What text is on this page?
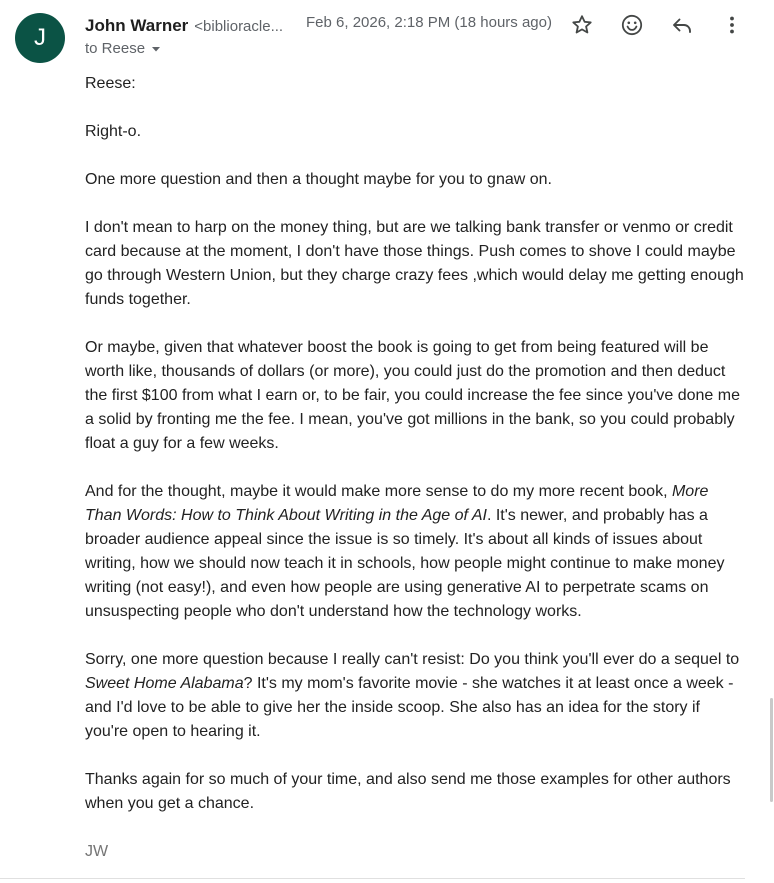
J	John Warner <biblioracle... Feb 6, 2026, 2:18 PM (18 hours ago)
to Reese

Reese:

Right-o.

One more question and then a thought maybe for you to gnaw on.

I don't mean to harp on the money thing, but are we talking bank transfer or venmo or credit card because at the moment, I don't have those things. Push comes to shove I could maybe go through Western Union, but they charge crazy fees ,which would delay me getting enough funds together.

Or maybe, given that whatever boost the book is going to get from being featured will be worth like, thousands of dollars (or more), you could just do the promotion and then deduct the first $100 from what I earn or, to be fair, you could increase the fee since you've done me a solid by fronting me the fee. I mean, you've got millions in the bank, so you could probably float a guy for a few weeks.

And for the thought, maybe it would make more sense to do my more recent book, More Than Words: How to Think About Writing in the Age of AI. It's newer, and probably has a broader audience appeal since the issue is so timely. It's about all kinds of issues about writing, how we should now teach it in schools, how people might continue to make money writing (not easy!), and even how people are using generative AI to perpetrate scams on unsuspecting people who don't understand how the technology works.

Sorry, one more question because I really can't resist: Do you think you'll ever do a sequel to Sweet Home Alabama? It's my mom's favorite movie - she watches it at least once a week - and I'd love to be able to give her the inside scoop. She also has an idea for the story if you're open to hearing it.

Thanks again for so much of your time, and also send me those examples for other authors when you get a chance.

JW
